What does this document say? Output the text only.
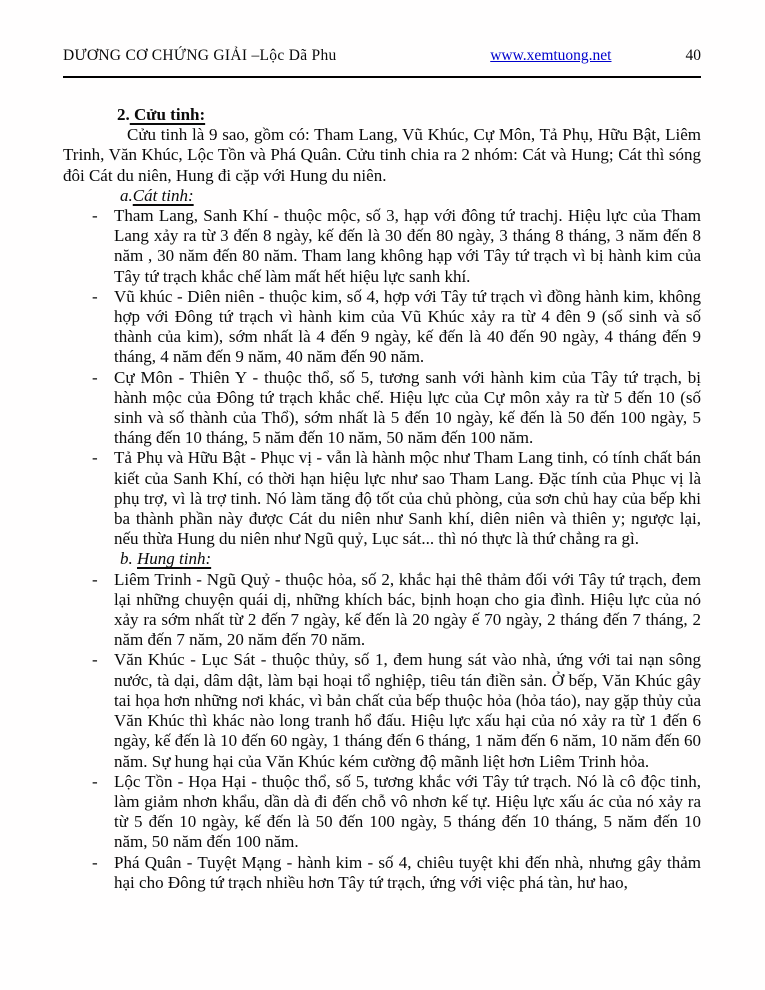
DƯƠNG CƠ CHỨNG GIẢI –Lộc Dã Phu	www.xemtuong.net	40

2. Cửu tinh:

Cửu tinh là 9 sao, gồm có: Tham Lang, Vũ Khúc, Cự Môn, Tả Phụ, Hữu Bật, Liêm Trinh, Văn Khúc, Lộc Tồn và Phá Quân. Cửu tinh chia ra 2 nhóm: Cát và Hung; Cát thì sóng đôi Cát du niên, Hung đi cặp với Hung du niên.

a.Cát tinh:

- Tham Lang, Sanh Khí - thuộc mộc, số 3, hạp với đông tứ trachj. Hiệu lực của Tham Lang xảy ra từ 3 đến 8 ngày, kế đến là 30 đến 80 ngày, 3 tháng 8 tháng, 3 năm đến 8 năm , 30 năm đến 80 năm. Tham lang không hạp với Tây tứ trạch vì bị hành kim của Tây tứ trạch khắc chế làm mất hết hiệu lực sanh khí.
- Vũ khúc - Diên niên - thuộc kim, số 4, hợp với Tây tứ trạch vì đồng hành kim, không hợp với Đông tứ trạch vì hành kim của Vũ Khúc xảy ra từ 4 đên 9 (số sinh và số thành của kim), sớm nhất là 4 đến 9 ngày, kế đến là 40 đến 90 ngày, 4 tháng đến 9 tháng, 4 năm đến 9 năm, 40 năm đến 90 năm.
- Cự Môn - Thiên Y - thuộc thổ, số 5, tương sanh với hành kim của Tây tứ trạch, bị hành mộc của Đông tứ trạch khắc chế. Hiệu lực của Cự môn xảy ra từ 5 đến 10 (số sinh và số thành của Thổ), sớm nhất là 5 đến 10 ngày, kế đến là 50 đến 100 ngày, 5 tháng đến 10 tháng, 5 năm đến 10 năm, 50 năm đến 100 năm.
- Tả Phụ và Hữu Bật - Phục vị - vẫn là hành mộc như Tham Lang tinh, có tính chất bán kiết của Sanh Khí, có thời hạn hiệu lực như sao Tham Lang. Đặc tính của Phục vị là phụ trợ, vì là trợ tinh. Nó làm tăng độ tốt của chủ phòng, của sơn chủ hay của bếp khi ba thành phần này được Cát du niên như Sanh khí, diên niên và thiên y; ngược lại, nếu thừa Hung du niên như Ngũ quỷ, Lục sát... thì nó thực là thứ chẳng ra gì.

b. Hung tinh:

- Liêm Trinh - Ngũ Quỷ - thuộc hỏa, số 2, khắc hại thê thảm đối với Tây tứ trạch, đem lại những chuyện quái dị, những khích bác, bịnh hoạn cho gia đình. Hiệu lực của nó xảy ra sớm nhất từ 2 đến 7 ngày, kế đến là 20 ngày ế 70 ngày, 2 tháng đến 7 tháng, 2 năm đến 7 năm, 20 năm đến 70 năm.
- Văn Khúc - Lục Sát - thuộc thủy, số 1, đem hung sát vào nhà, ứng với tai nạn sông nước, tà dại, dâm dật, làm bại hoại tổ nghiệp, tiêu tán điền sản. Ở bếp, Văn Khúc gây tai họa hơn những nơi khác, vì bản chất của bếp thuộc hỏa (hỏa táo), nay gặp thủy của Văn Khúc thì khác nào long tranh hổ đấu. Hiệu lực xấu hại của nó xảy ra từ 1 đến 6 ngày, kế đến là 10 đến 60 ngày, 1 tháng đến 6 tháng, 1 năm đến 6 năm, 10 năm đến 60 năm. Sự hung hại của Văn Khúc kém cường độ mãnh liệt hơn Liêm Trinh hỏa.
- Lộc Tồn - Họa Hại - thuộc thổ, số 5, tương khắc với Tây tứ trạch. Nó là cô độc tinh, làm giảm nhơn khẩu, dần dà đi đến chỗ vô nhơn kế tự. Hiệu lực xấu ác của nó xảy ra từ 5 đến 10 ngày, kế đến là 50 đến 100 ngày, 5 tháng đến 10 tháng, 5 năm đến 10 năm, 50 năm đến 100 năm.
- Phá Quân - Tuyệt Mạng - hành kim - số 4, chiêu tuyệt khi đến nhà, nhưng gây thảm hại cho Đông tứ trạch nhiều hơn Tây tứ trạch, ứng với việc phá tàn, hư hao,
